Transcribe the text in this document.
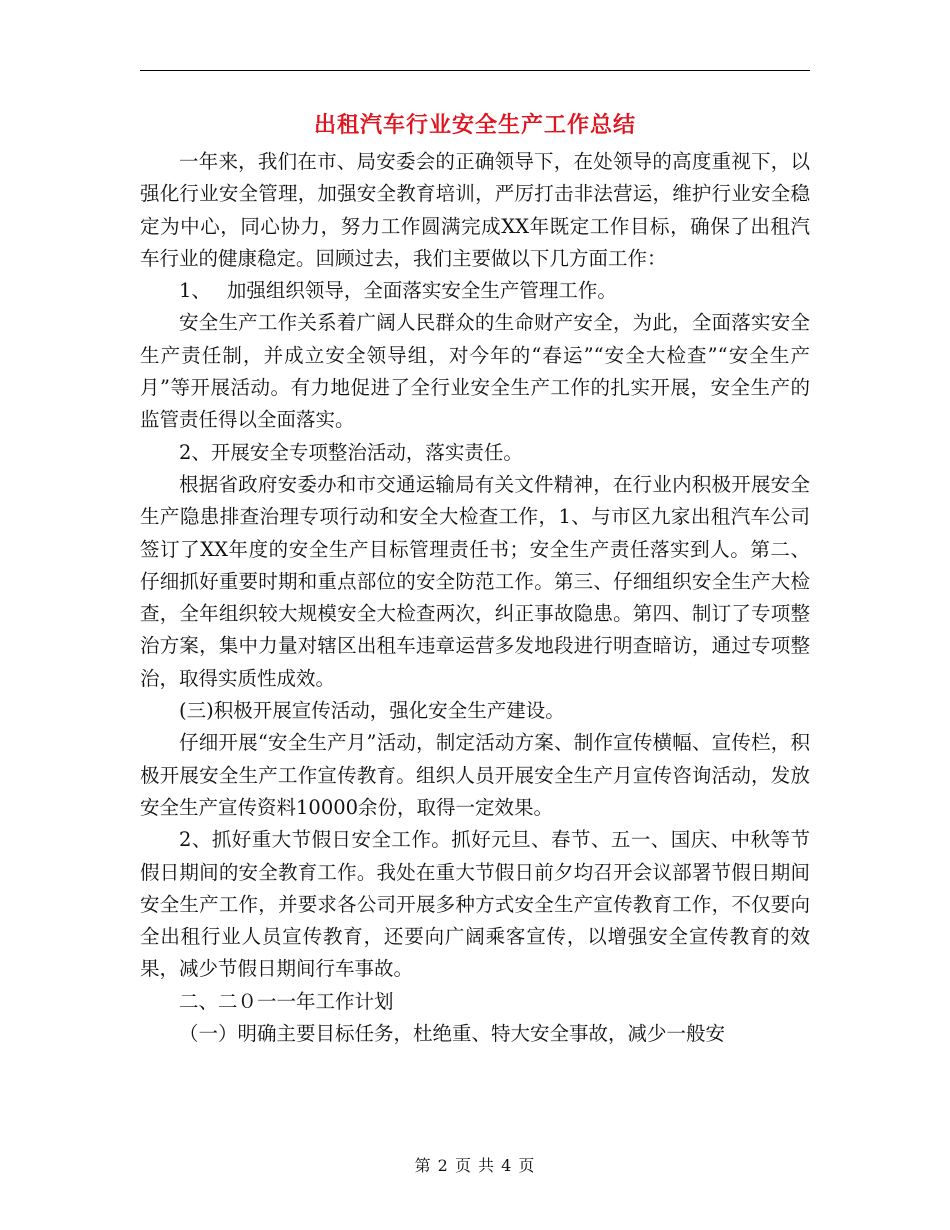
出租汽车行业安全生产工作总结

一年来，我们在市、局安委会的正确领导下，在处领导的高度重视下，以强化行业安全管理，加强安全教育培训，严厉打击非法营运，维护行业安全稳定为中心，同心协力，努力工作圆满完成XX年既定工作目标，确保了出租汽车行业的健康稳定。回顾过去，我们主要做以下几方面工作：

1、　 加强组织领导，全面落实安全生产管理工作。

安全生产工作关系着广阔人民群众的生命财产安全，为此，全面落实安全生产责任制，并成立安全领导组，对今年的“春运”“安全大检查”“安全生产月”等开展活动。有力地促进了全行业安全生产工作的扎实开展，安全生产的监管责任得以全面落实。

2、开展安全专项整治活动，落实责任。

根据省政府安委办和市交通运输局有关文件精神，在行业内积极开展安全生产隐患排查治理专项行动和安全大检查工作，1、与市区九家出租汽车公司签订了XX年度的安全生产目标管理责任书；安全生产责任落实到人。第二、仔细抓好重要时期和重点部位的安全防范工作。第三、仔细组织安全生产大检查，全年组织较大规模安全大检查两次，纠正事故隐患。第四、制订了专项整治方案，集中力量对辖区出租车违章运营多发地段进行明查暗访，通过专项整治，取得实质性成效。

(三)积极开展宣传活动，强化安全生产建设。

仔细开展“安全生产月”活动，制定活动方案、制作宣传横幅、宣传栏，积极开展安全生产工作宣传教育。组织人员开展安全生产月宣传咨询活动，发放安全生产宣传资料10000余份，取得一定效果。

2、抓好重大节假日安全工作。抓好元旦、春节、五一、国庆、中秋等节假日期间的安全教育工作。我处在重大节假日前夕均召开会议部署节假日期间安全生产工作，并要求各公司开展多种方式安全生产宣传教育工作，不仅要向全出租行业人员宣传教育，还要向广阔乘客宣传，以增强安全宣传教育的效果，减少节假日期间行车事故。

二、二０一一年工作计划

（一）明确主要目标任务，杜绝重、特大安全事故，减少一般安

第 2 页 共 4 页
